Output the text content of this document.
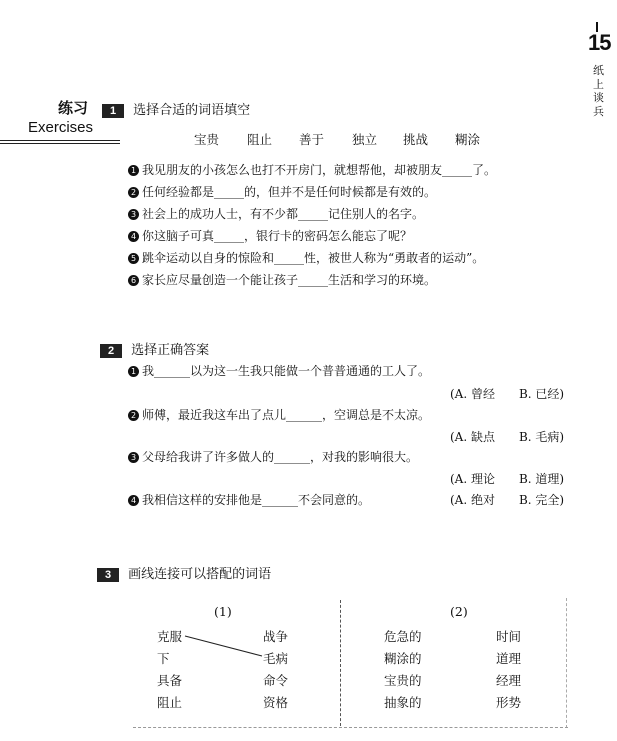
15
纸上谈兵
练习
Exercises
1 选择合适的词语填空
宝贵 阻止 善于 独立 挑战 糊涂
1 我见朋友的小孩怎么也打不开房门，就想帮他，却被朋友_____了。
2 任何经验都是_____的，但并不是任何时候都是有效的。
3 社会上的成功人士，有不少都_____记住别人的名字。
4 你这脑子可真_____，银行卡的密码怎么能忘了呢？
5 跳伞运动以自身的惊险和_____性，被世人称为“勇敢者的运动”。
6 家长应尽量创造一个能让孩子_____生活和学习的环境。
2 选择正确答案
1 我______以为这一生我只能做一个普普通通的工人了。
(A. 曾经　　B. 已经)
2 师傅，最近我这车出了点儿______，空调总是不太凉。
(A. 缺点　　B. 毛病)
3 父母给我讲了许多做人的______，对我的影响很大。
(A. 理论　　B. 道理)
4 我相信这样的安排他是______不会同意的。	(A. 绝对　　B. 完全)
3 画线连接可以搭配的词语
(1)
克服
下
具备
阻止
战争
毛病
命令
资格
(2)
危急的
糊涂的
宝贵的
抽象的
时间
道理
经理
形势
